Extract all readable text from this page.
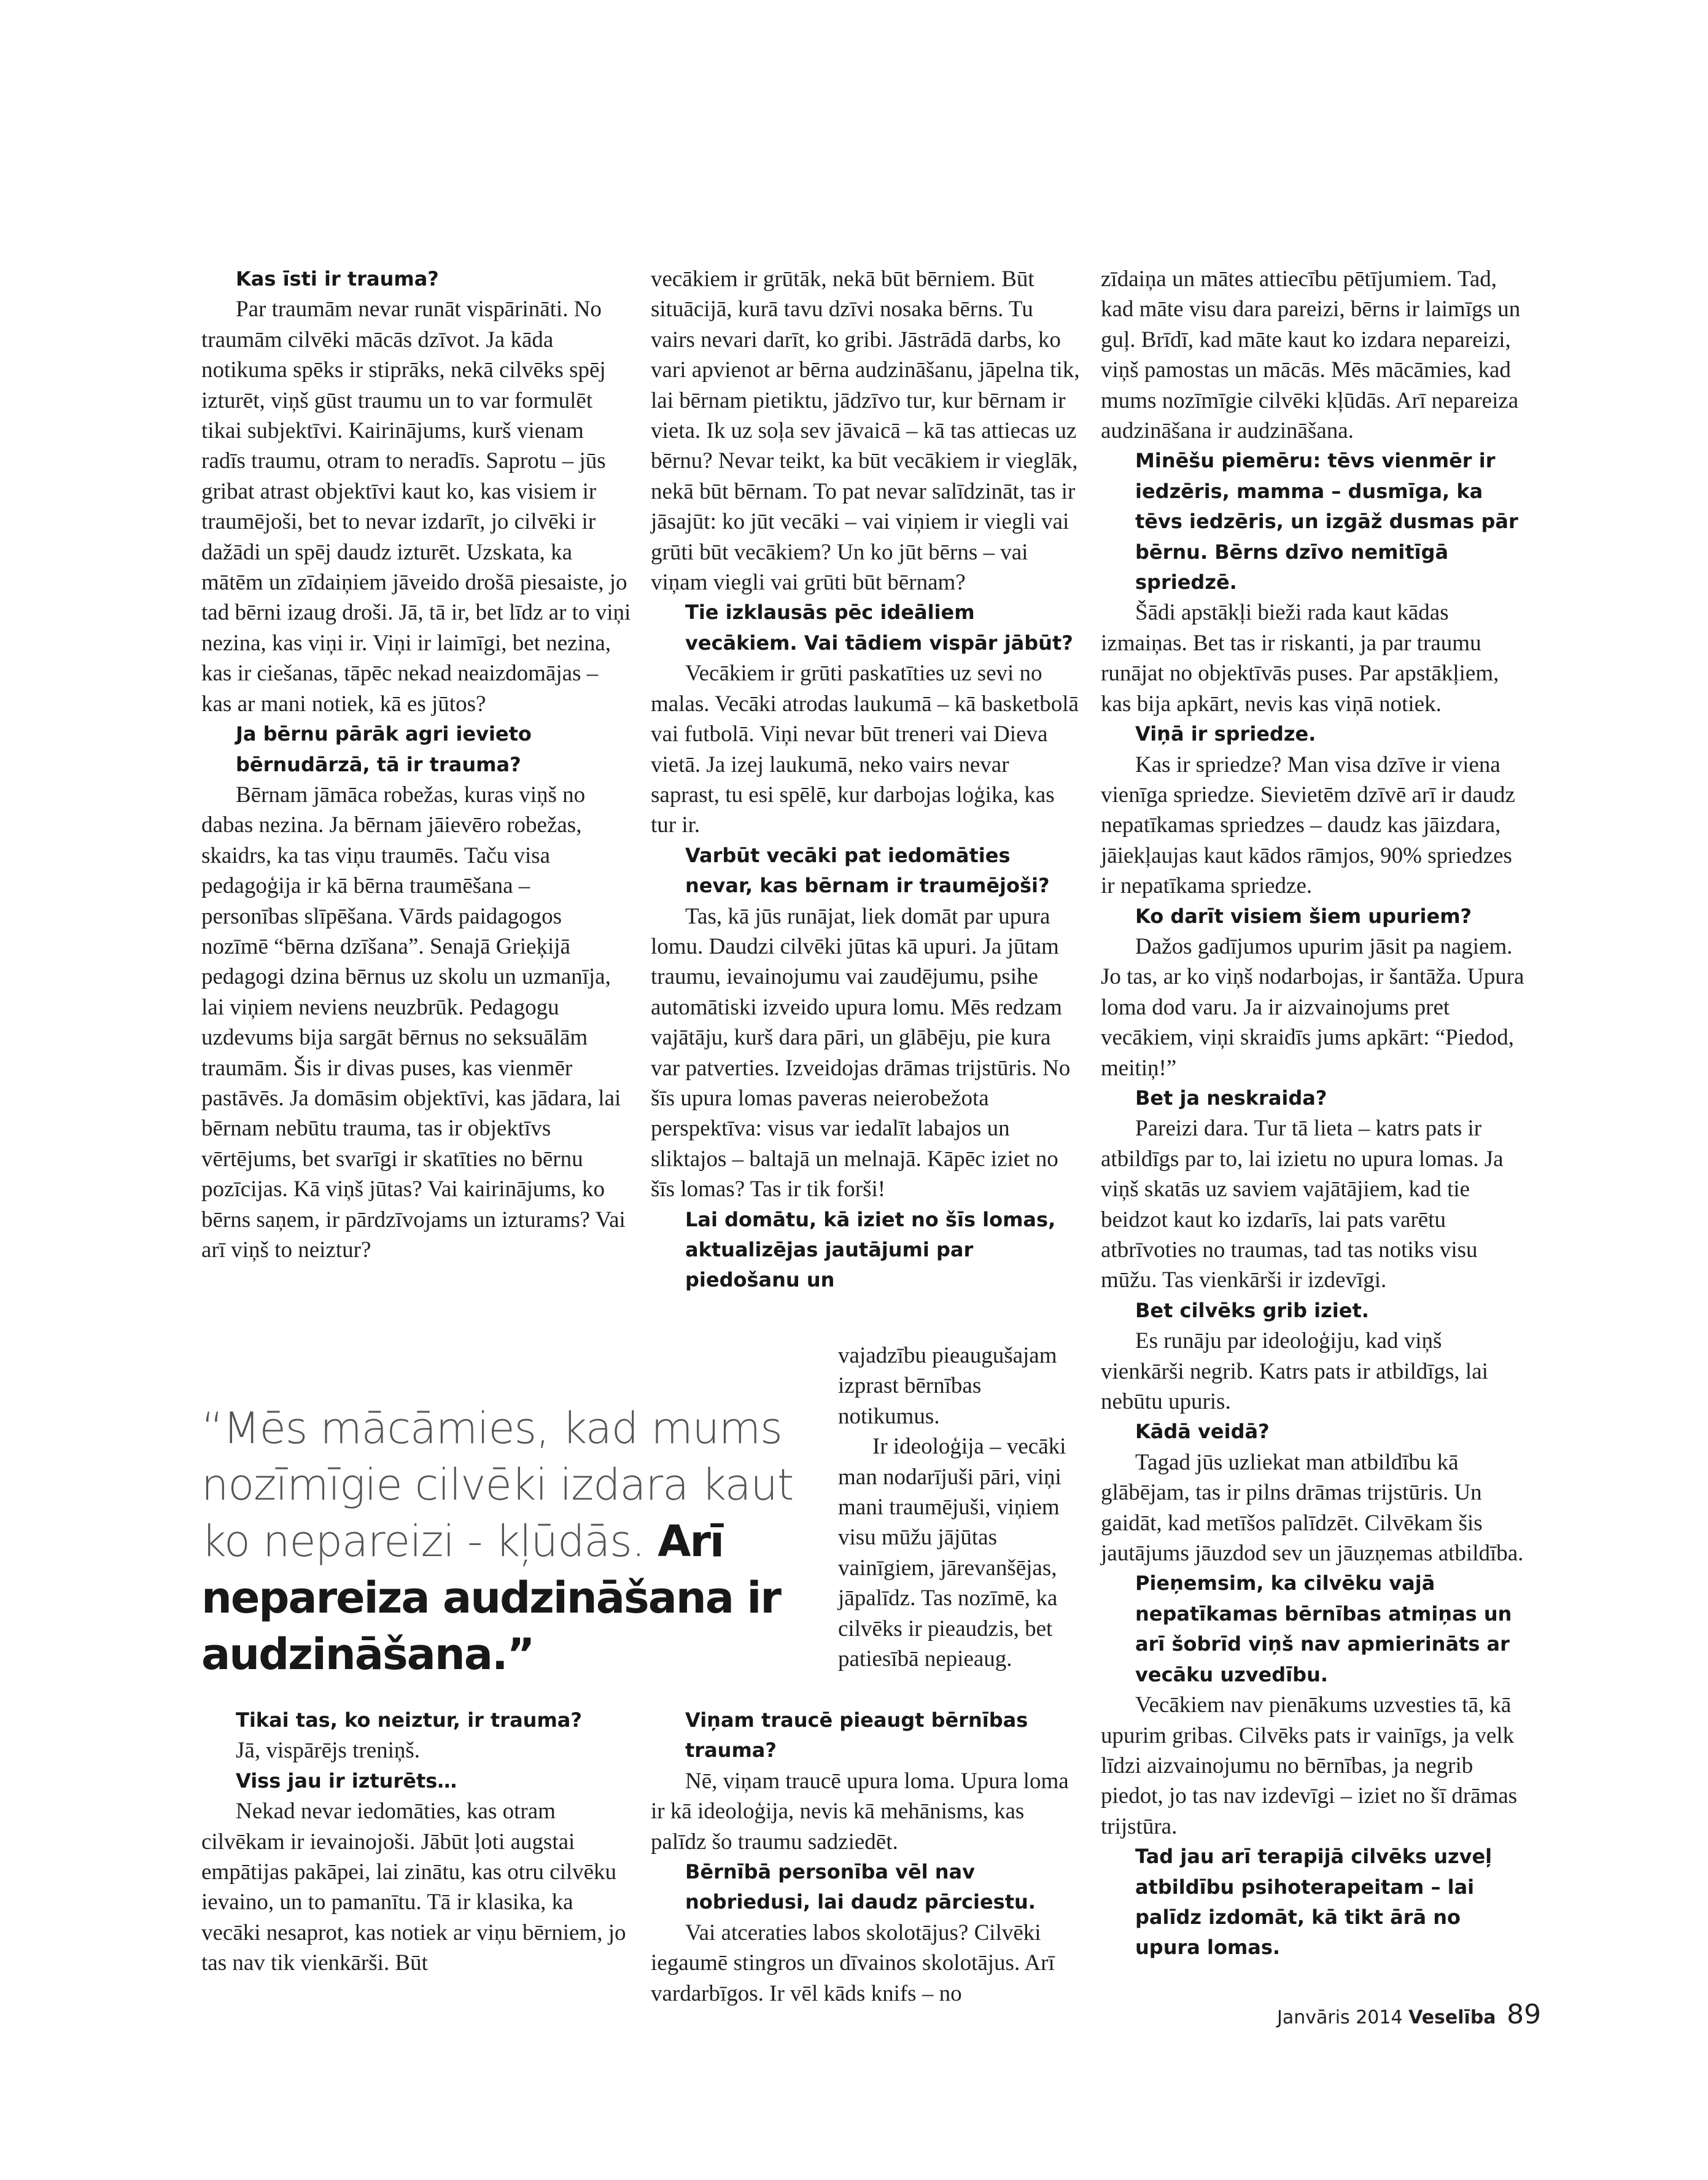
Kas īsti ir trauma?

Par traumām nevar runāt vispārināti. No traumām cilvēki mācās dzīvot. Ja kāda notikuma spēks ir stiprāks, nekā cilvēks spēj izturēt, viņš gūst traumu un to var formulēt tikai subjektīvi. Kairinājums, kurš vienam radīs traumu, otram to neradīs. Saprotu – jūs gribat atrast objektīvi kaut ko, kas visiem ir traumējoši, bet to nevar izdarīt, jo cilvēki ir dažādi un spēj daudz izturēt. Uzskata, ka mātēm un zīdaiņiem jāveido drošā piesaiste, jo tad bērni izaug droši. Jā, tā ir, bet līdz ar to viņi nezina, kas viņi ir. Viņi ir laimīgi, bet nezina, kas ir ciešanas, tāpēc nekad neaizdomājas – kas ar mani notiek, kā es jūtos?

Ja bērnu pārāk agri ievieto bērnudārzā, tā ir trauma?

Bērnam jāmāca robežas, kuras viņš no dabas nezina. Ja bērnam jāievēro robežas, skaidrs, ka tas viņu traumēs. Taču visa pedagoģija ir kā bērna traumēšana – personības slīpēšana. Vārds paidagogos nozīmē “bērna dzīšana”. Senajā Grieķijā pedagogi dzina bērnus uz skolu un uzmanīja, lai viņiem neviens neuzbrūk. Pedagogu uzdevums bija sargāt bērnus no seksuālām traumām. Šis ir divas puses, kas vienmēr pastāvēs. Ja domāsim objektīvi, kas jādara, lai bērnam nebūtu trauma, tas ir objektīvs vērtējums, bet svarīgi ir skatīties no bērnu pozīcijas. Kā viņš jūtas? Vai kairinājums, ko bērns saņem, ir pārdzīvojams un izturams? Vai arī viņš to neiztur?

vecākiem ir grūtāk, nekā būt bērniem. Būt situācijā, kurā tavu dzīvi nosaka bērns. Tu vairs nevari darīt, ko gribi. Jāstrādā darbs, ko vari apvienot ar bērna audzināšanu, jāpelna tik, lai bērnam pietiktu, jādzīvo tur, kur bērnam ir vieta. Ik uz soļa sev jāvaicā – kā tas attiecas uz bērnu? Nevar teikt, ka būt vecākiem ir vieglāk, nekā būt bērnam. To pat nevar salīdzināt, tas ir jāsajūt: ko jūt vecāki – vai viņiem ir viegli vai grūti būt vecākiem? Un ko jūt bērns – vai viņam viegli vai grūti būt bērnam?

Tie izklausās pēc ideāliem vecākiem. Vai tādiem vispār jābūt?

Vecākiem ir grūti paskatīties uz sevi no malas. Vecāki atrodas laukumā – kā basketbolā vai futbolā. Viņi nevar būt treneri vai Dieva vietā. Ja izej laukumā, neko vairs nevar saprast, tu esi spēlē, kur darbojas loģika, kas tur ir.

Varbūt vecāki pat iedomāties nevar, kas bērnam ir traumējoši?

Tas, kā jūs runājat, liek domāt par upura lomu. Daudzi cilvēki jūtas kā upuri. Ja jūtam traumu, ievainojumu vai zaudējumu, psihe automātiski izveido upura lomu. Mēs redzam vajātāju, kurš dara pāri, un glābēju, pie kura var patverties. Izveidojas drāmas trijstūris. No šīs upura lomas paveras neierobežota perspektīva: visus var iedalīt labajos un sliktajos – baltajā un melnajā. Kāpēc iziet no šīs lomas? Tas ir tik forši!

Lai domātu, kā iziet no šīs lomas, aktualizējas jautājumi par piedošanu un

zīdaiņa un mātes attiecību pētījumiem. Tad, kad māte visu dara pareizi, bērns ir laimīgs un guļ. Brīdī, kad māte kaut ko izdara nepareizi, viņš pamostas un mācās. Mēs mācāmies, kad mums nozīmīgie cilvēki kļūdās. Arī nepareiza audzināšana ir audzināšana.

Minēšu piemēru: tēvs vienmēr ir iedzēris, mamma – dusmīga, ka tēvs iedzēris, un izgāž dusmas pār bērnu. Bērns dzīvo nemitīgā spriedzē.

Šādi apstākļi bieži rada kaut kādas izmaiņas. Bet tas ir riskanti, ja par traumu runājat no objektīvās puses. Par apstākļiem, kas bija apkārt, nevis kas viņā notiek.

Viņā ir spriedze.

Kas ir spriedze? Man visa dzīve ir viena vienīga spriedze. Sievietēm dzīvē arī ir daudz nepatīkamas spriedzes – daudz kas jāizdara, jāiekļaujas kaut kādos rāmjos, 90% spriedzes ir nepatīkama spriedze.

Ko darīt visiem šiem upuriem?

Dažos gadījumos upurim jāsit pa nagiem. Jo tas, ar ko viņš nodarbojas, ir šantāža. Upura loma dod varu. Ja ir aizvainojums pret vecākiem, viņi skraidīs jums apkārt: “Piedod, meitiņ!”

Bet ja neskraida?

Pareizi dara. Tur tā lieta – katrs pats ir atbildīgs par to, lai izietu no upura lomas. Ja viņš skatās uz saviem vajātājiem, kad tie beidzot kaut ko izdarīs, lai pats varētu atbrīvoties no traumas, tad tas notiks visu mūžu. Tas vienkārši ir izdevīgi.

Bet cilvēks grib iziet.

Es runāju par ideoloģiju, kad viņš vienkārši negrib. Katrs pats ir atbildīgs, lai nebūtu upuris.

Kādā veidā?

Tagad jūs uzliekat man atbildību kā glābējam, tas ir pilns drāmas trijstūris. Un gaidāt, kad metīšos palīdzēt. Cilvēkam šis jautājums jāuzdod sev un jāuzņemas atbildība.

Pieņemsim, ka cilvēku vajā nepatīkamas bērnības atmiņas un arī šobrīd viņš nav apmierināts ar vecāku uzvedību.

Vecākiem nav pienākums uzvesties tā, kā upurim gribas. Cilvēks pats ir vainīgs, ja velk līdzi aizvainojumu no bērnības, ja negrib piedot, jo tas nav izdevīgi – iziet no šī drāmas trijstūra.

Tad jau arī terapijā cilvēks uzveļ atbildību psihoterapeitam – lai palīdz izdomāt, kā tikt ārā no upura lomas.

“Mēs mācāmies, kad mums nozīmīgie cilvēki izdara kaut ko nepareizi - kļūdās. Arī nepareiza audzināšana ir audzināšana.”

vajadzību pieaugušajam izprast bērnības notikumus.

Ir ideoloģija – vecāki man nodarījuši pāri, viņi mani traumējuši, viņiem visu mūžu jājūtas vainīgiem, jārevanšējas, jāpalīdz. Tas nozīmē, ka cilvēks ir pieaudzis, bet patiesībā nepieaug.

Tikai tas, ko neiztur, ir trauma?

Jā, vispārējs treniņš.

Viss jau ir izturēts…

Nekad nevar iedomāties, kas otram cilvēkam ir ievainojoši. Jābūt ļoti augstai empātijas pakāpei, lai zinātu, kas otru cilvēku ievaino, un to pamanītu. Tā ir klasika, ka vecāki nesaprot, kas notiek ar viņu bērniem, jo tas nav tik vienkārši. Būt

Viņam traucē pieaugt bērnības trauma?

Nē, viņam traucē upura loma. Upura loma ir kā ideoloģija, nevis kā mehānisms, kas palīdz šo traumu sadziedēt.

Bērnībā personība vēl nav nobriedusi, lai daudz pārciestu.

Vai atceraties labos skolotājus? Cilvēki iegaumē stingros un dīvainos skolotājus. Arī vardarbīgos. Ir vēl kāds knifs – no

Janvāris 2014 Veselība 89
